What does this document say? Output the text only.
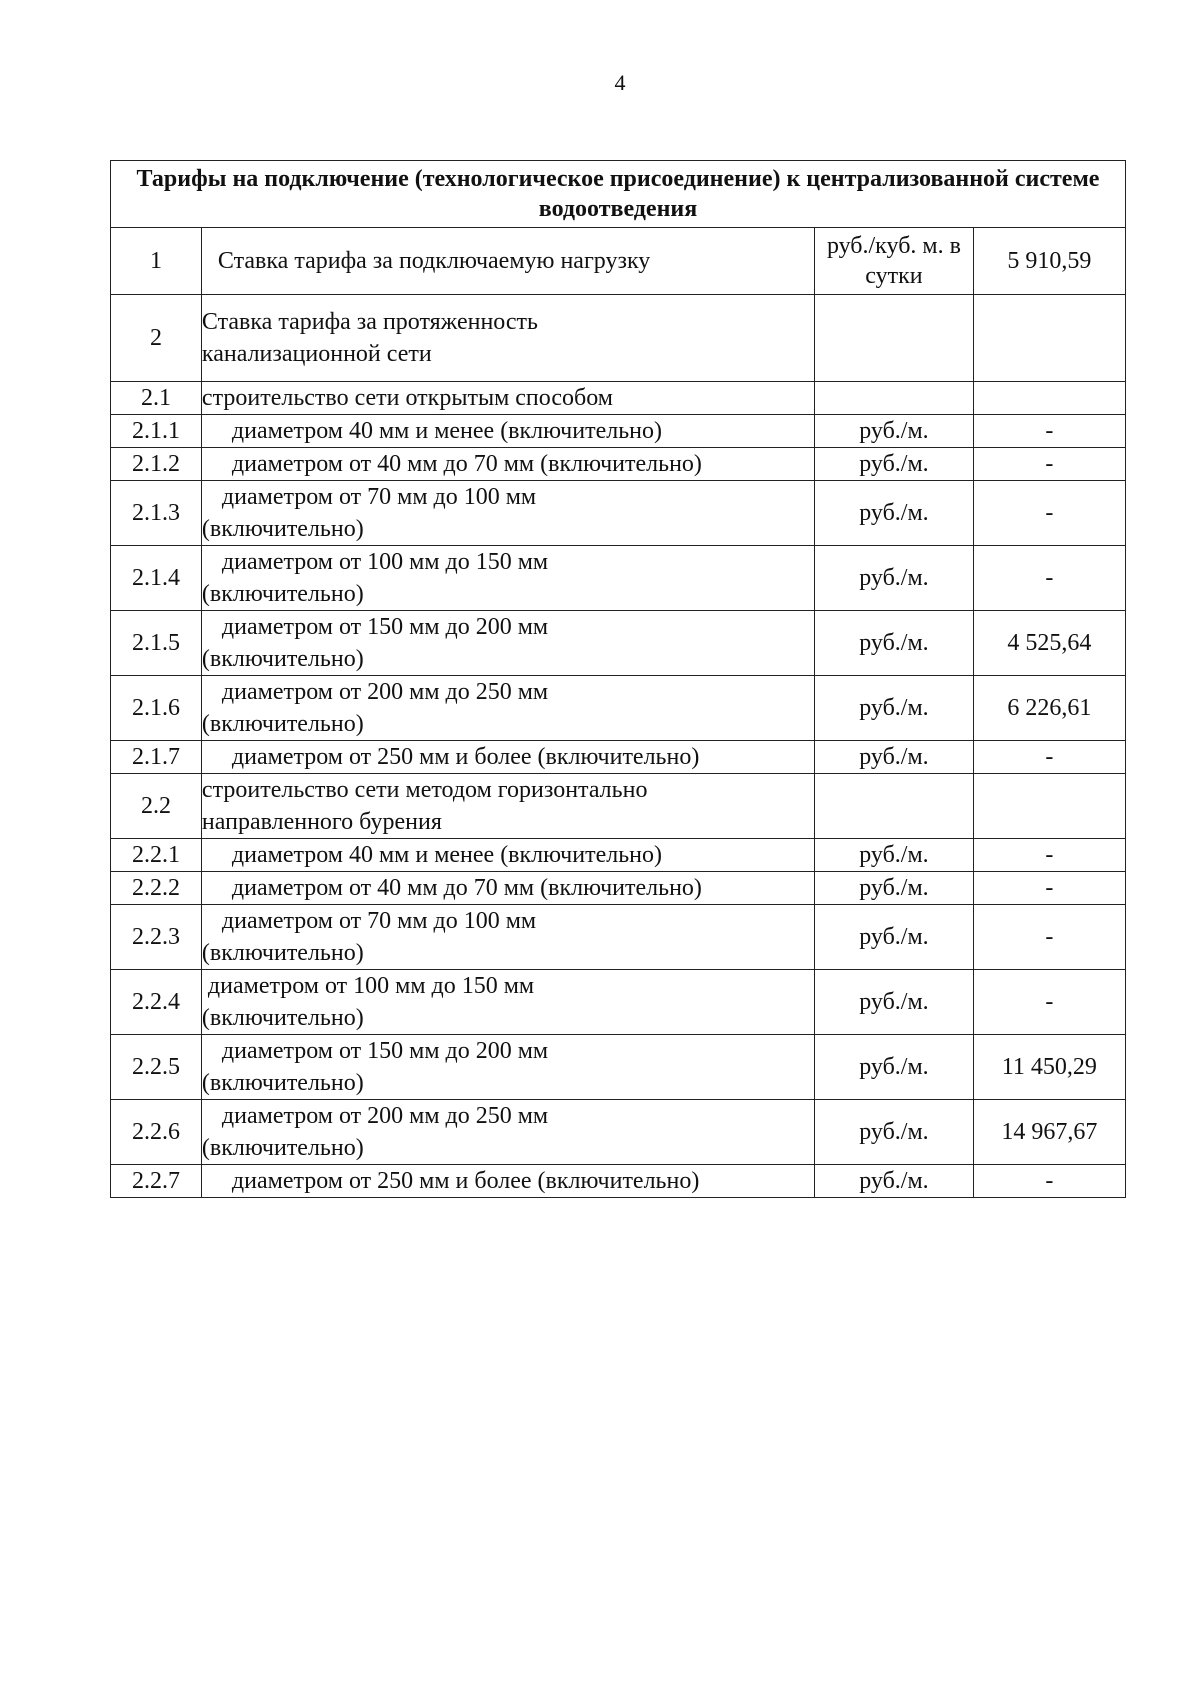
4
Тарифы на подключение (технологическое присоединение) к централизованной системе водоотведения			
1	Ставка тарифа за подключаемую нагрузку	руб./куб. м. в сутки	5 910,59
2	Ставка тарифа за протяженность канализационной сети		
2.1	строительство сети открытым способом		
2.1.1	диаметром 40 мм и менее (включительно)	руб./м.	-
2.1.2	диаметром от 40 мм до 70 мм (включительно)	руб./м.	-
2.1.3	диаметром от 70 мм до 100 мм (включительно)	руб./м.	-
2.1.4	диаметром от 100 мм до 150 мм (включительно)	руб./м.	-
2.1.5	диаметром от 150 мм до 200 мм (включительно)	руб./м.	4 525,64
2.1.6	диаметром от 200 мм до 250 мм (включительно)	руб./м.	6 226,61
2.1.7	диаметром от 250 мм и более (включительно)	руб./м.	-
2.2	строительство сети методом горизонтально направленного бурения		
2.2.1	диаметром 40 мм и менее (включительно)	руб./м.	-
2.2.2	диаметром от 40 мм до 70 мм (включительно)	руб./м.	-
2.2.3	диаметром от 70 мм до 100 мм (включительно)	руб./м.	-
2.2.4	диаметром от 100 мм до 150 мм (включительно)	руб./м.	-
2.2.5	диаметром от 150 мм до 200 мм (включительно)	руб./м.	11 450,29
2.2.6	диаметром от 200 мм до 250 мм (включительно)	руб./м.	14 967,67
2.2.7	диаметром от 250 мм и более (включительно)	руб./м.	-
